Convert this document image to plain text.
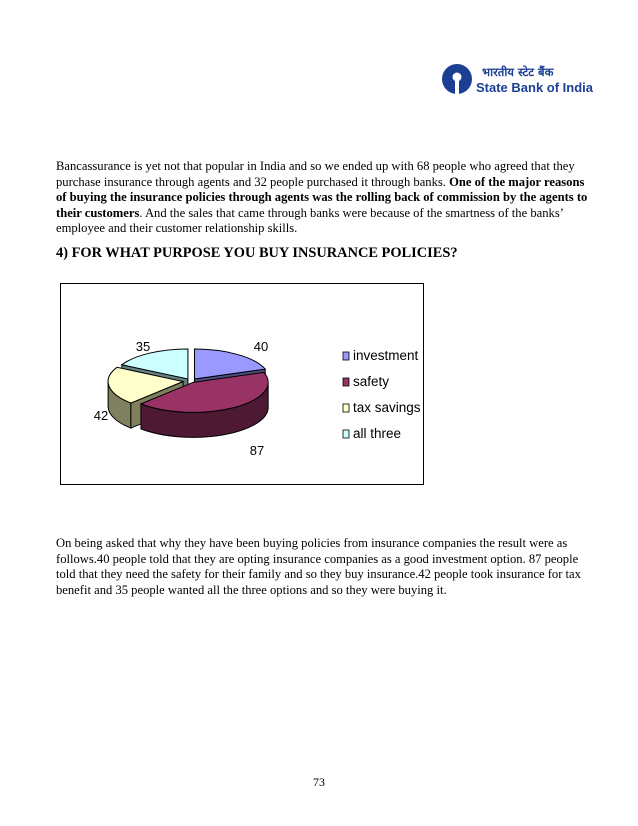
भारतीय स्टेट बैंक
State Bank of India
Bancassurance is yet not that popular in India and so we ended up with 68 people who agreed that they purchase insurance through agents and 32 people purchased it through banks. One of the major reasons of buying the insurance policies through agents was the rolling back of commission by the agents to their customers. And the sales that came through banks were because of the smartness of the banks’ employee and their customer relationship skills.
4) FOR WHAT PURPOSE YOU BUY INSURANCE POLICIES?
40
87
42
35
investment
safety
tax savings
all three
On being asked that why they have been buying policies from insurance companies the result were as follows.40 people told that they are opting insurance companies as a good investment option. 87 people told that they need the safety for their family and so they buy insurance.42 people took insurance for tax benefit and 35 people wanted all the three options and so they were buying it.
73
